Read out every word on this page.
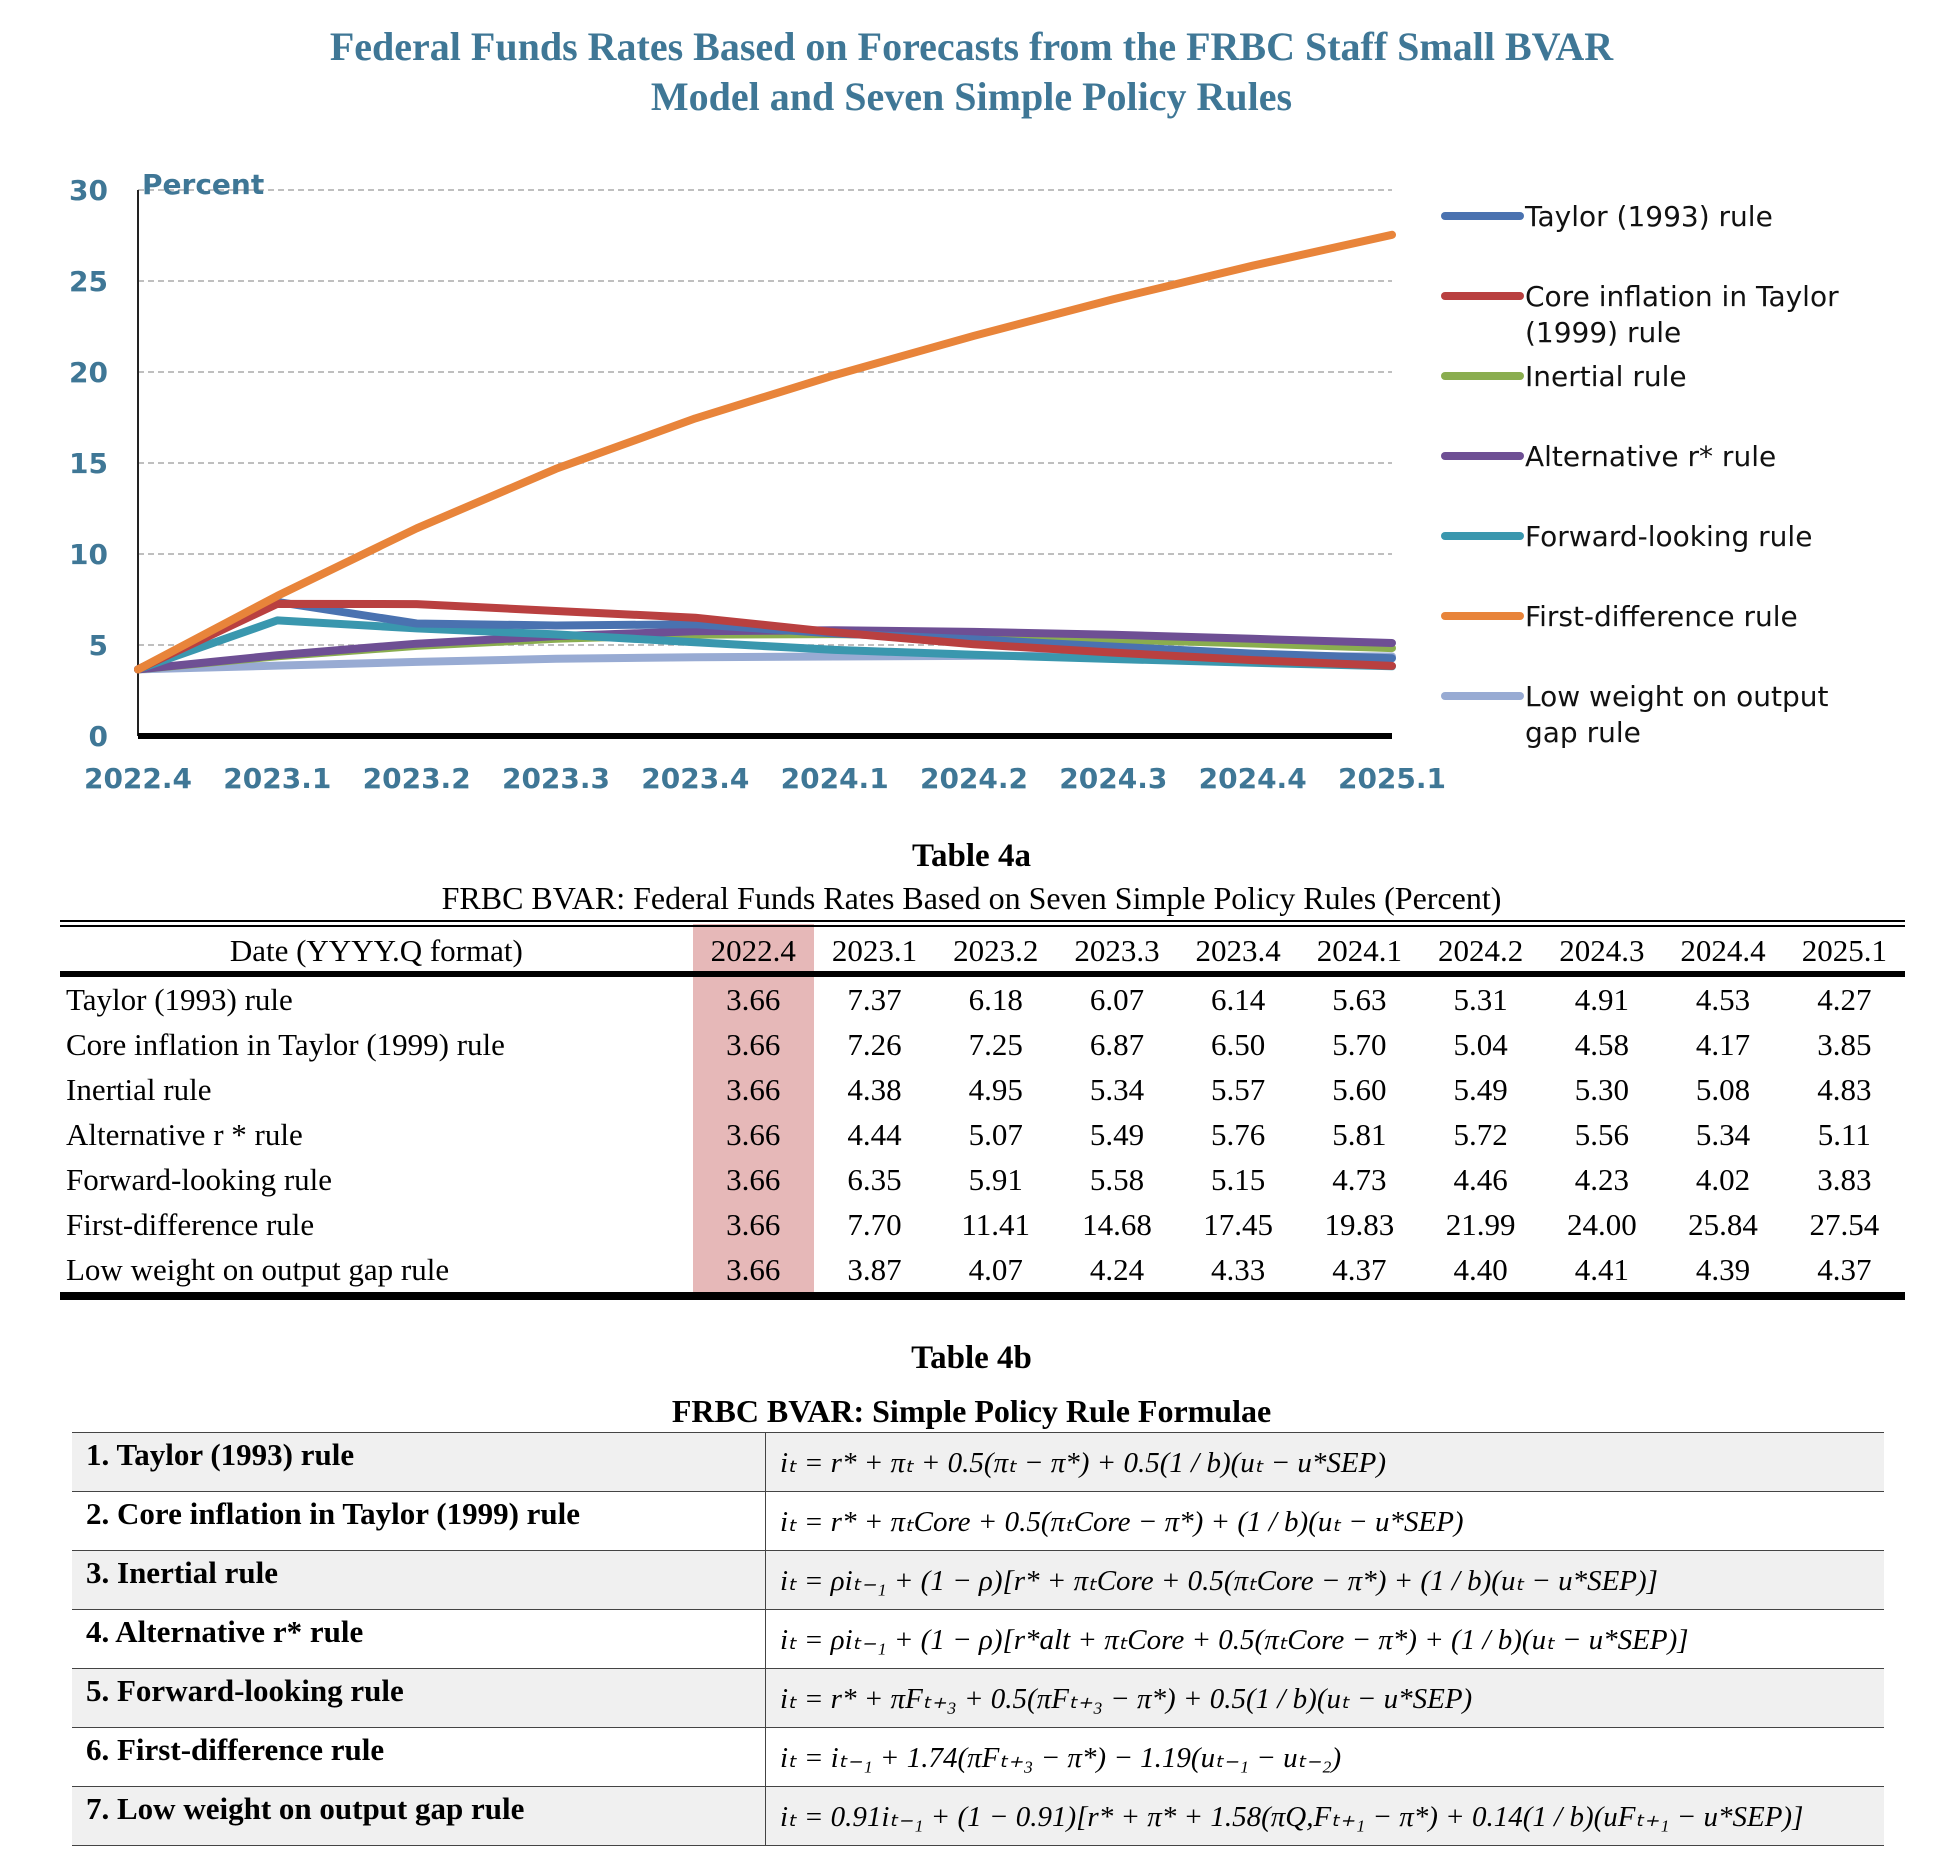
Federal Funds Rates Based on Forecasts from the FRBC Staff Small BVAR
Model and Seven Simple Policy Rules
0
5
10
15
20
25
30
2022.4 2023.1 2023.2 2023.3 2023.4 2024.1 2024.2 2024.3 2024.4 2025.1
Percent
Taylor (1993) rule
Core inflation in Taylor
(1999) rule
Inertial rule
Alternative r* rule
Forward-looking rule
First-difference rule
Low weight on output
gap rule
Table 4a
FRBC BVAR: Federal Funds Rates Based on Seven Simple Policy Rules (Percent)
Date (YYYY.Q format)	2022.4	2023.1	2023.2	2023.3	2023.4	2024.1	2024.2	2024.3	2024.4	2025.1
Taylor (1993) rule	3.66	7.37	6.18	6.07	6.14	5.63	5.31	4.91	4.53	4.27
Core inflation in Taylor (1999) rule	3.66	7.26	7.25	6.87	6.50	5.70	5.04	4.58	4.17	3.85
Inertial rule	3.66	4.38	4.95	5.34	5.57	5.60	5.49	5.30	5.08	4.83
Alternative r * rule	3.66	4.44	5.07	5.49	5.76	5.81	5.72	5.56	5.34	5.11
Forward-looking rule	3.66	6.35	5.91	5.58	5.15	4.73	4.46	4.23	4.02	3.83
First-difference rule	3.66	7.70	11.41	14.68	17.45	19.83	21.99	24.00	25.84	27.54
Low weight on output gap rule	3.66	3.87	4.07	4.24	4.33	4.37	4.40	4.41	4.39	4.37
Table 4b
FRBC BVAR: Simple Policy Rule Formulae
1. Taylor (1993) rule	iₜ = r* + πₜ + 0.5(πₜ − π*) + 0.5(1 / b)(uₜ − u*SEP)
2. Core inflation in Taylor (1999) rule	iₜ = r* + πₜCore + 0.5(πₜCore − π*) + (1 / b)(uₜ − u*SEP)
3. Inertial rule	iₜ = ρiₜ₋₁ + (1 − ρ)[r* + πₜCore + 0.5(πₜCore − π*) + (1 / b)(uₜ − u*SEP)]
4. Alternative r* rule	iₜ = ρiₜ₋₁ + (1 − ρ)[r*alt + πₜCore + 0.5(πₜCore − π*) + (1 / b)(uₜ − u*SEP)]
5. Forward-looking rule	iₜ = r* + πFₜ₊₃ + 0.5(πFₜ₊₃ − π*) + 0.5(1 / b)(uₜ − u*SEP)
6. First-difference rule	iₜ = iₜ₋₁ + 1.74(πFₜ₊₃ − π*) − 1.19(uₜ₋₁ − uₜ₋₂)
7. Low weight on output gap rule	iₜ = 0.91iₜ₋₁ + (1 − 0.91)[r* + π* + 1.58(πQ,Fₜ₊₁ − π*) + 0.14(1 / b)(uFₜ₊₁ − u*SEP)]
